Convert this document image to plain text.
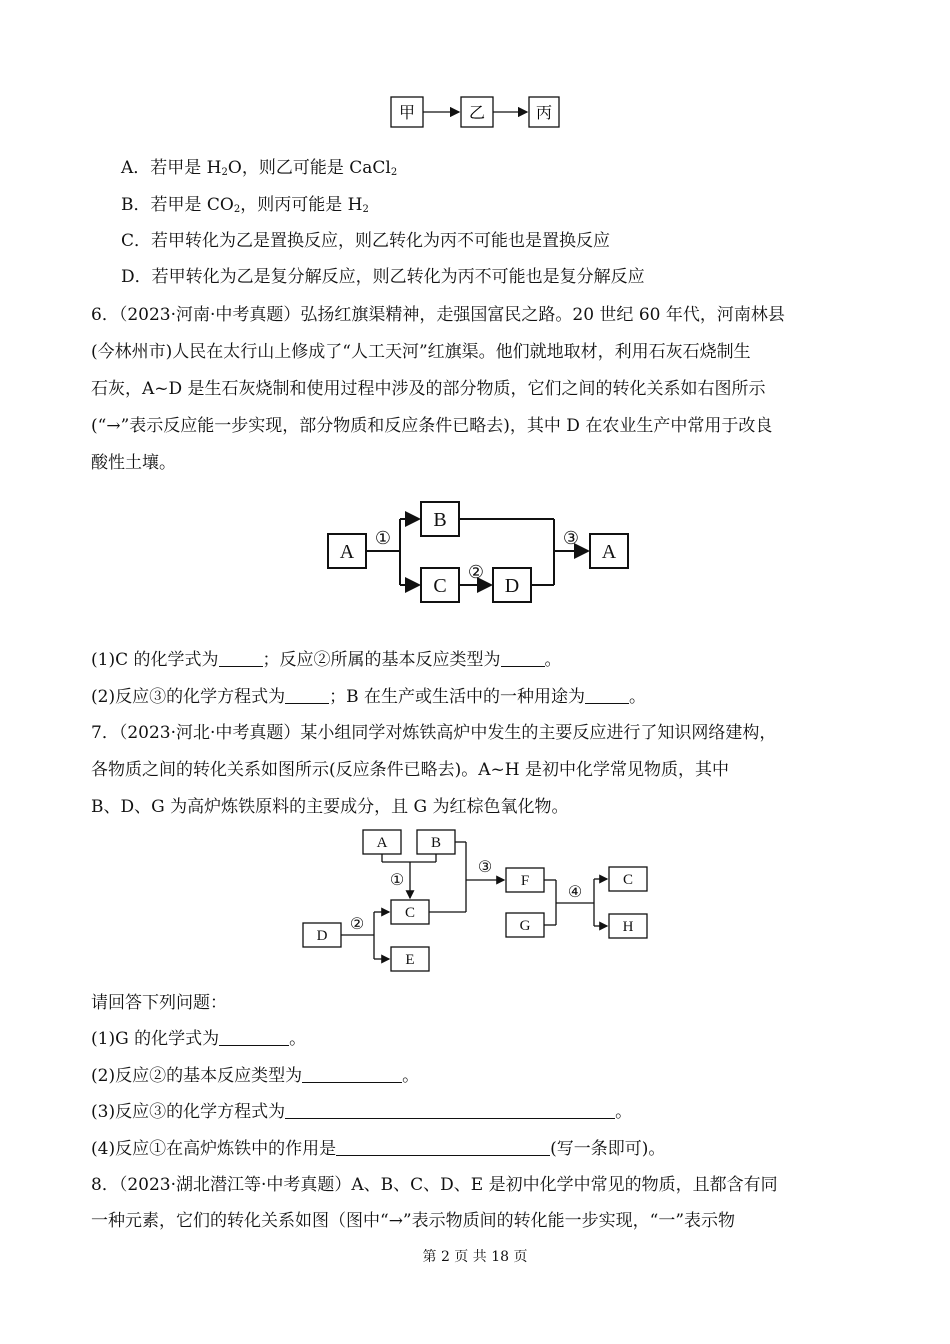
甲	乙	丙
A．若甲是 $H_2O$，则乙可能是 CaCl$_2$
B．若甲是 $CO_2$，则丙可能是 $H_2$
C．若甲转化为乙是置换反应，则乙转化为丙不可能也是置换反应
D．若甲转化为乙是复分解反应，则乙转化为丙不可能也是复分解反应
6．（2023·河南·中考真题）弘扬红旗渠精神，走强国富民之路。20 世纪 60 年代，河南林县
(今林州市)人民在太行山上修成了“人工天河”红旗渠。他们就地取材，利用石灰石烧制生
石灰，A~D 是生石灰烧制和使用过程中涉及的部分物质，它们之间的转化关系如右图所示
(“→”表示反应能一步实现，部分物质和反应条件已略去)，其中 D 在农业生产中常用于改良
酸性土壤。
A
B
C	D
A
①
②
③
(1)C 的化学式为	；反应②所属的基本反应类型为	。
(2)反应③的化学方程式为	；B 在生产或生活中的一种用途为	。
7．（2023·河北·中考真题）某小组同学对炼铁高炉中发生的主要反应进行了知识网络建构，
各物质之间的转化关系如图所示(反应条件已略去)。A~H 是初中化学常见物质，其中
B、D、G 为高炉炼铁原料的主要成分，且 G 为红棕色氧化物。
A	B
C
D
E
F
G
C
H
①
②
③
④
请回答下列问题：
(1)G 的化学式为	。
(2)反应②的基本反应类型为	。
(3)反应③的化学方程式为	。
(4)反应①在高炉炼铁中的作用是	(写一条即可)。
8．（2023·湖北潜江等·中考真题）A、B、C、D、E 是初中化学中常见的物质，且都含有同
一种元素，它们的转化关系如图（图中“→”表示物质间的转化能一步实现，“一”表示物
第 2 页 共 18 页
